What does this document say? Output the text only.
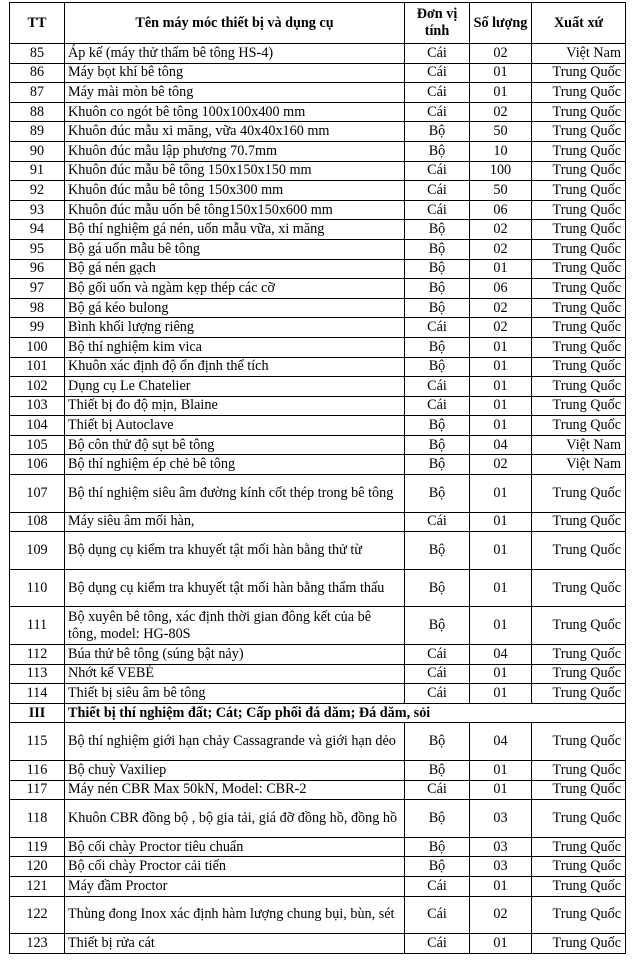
TT	Tên máy móc thiết bị và dụng cụ	Đơn vị tính	Số lượng	Xuất xứ
85	Áp kế (máy thử thấm bê tông HS-4)	Cái	02	Việt Nam
86	Máy bọt khí bê tông	Cái	01	Trung Quốc
87	Máy mài mòn bê tông	Cái	01	Trung Quốc
88	Khuôn co ngót bê tông 100x100x400 mm	Cái	02	Trung Quốc
89	Khuôn đúc mẫu xi măng, vữa 40x40x160 mm	Bộ	50	Trung Quốc
90	Khuôn đúc mẫu lập phương 70.7mm	Bộ	10	Trung Quốc
91	Khuôn đúc mẫu bê tông 150x150x150 mm	Cái	100	Trung Quốc
92	Khuôn đúc mẫu bê tông 150x300 mm	Cái	50	Trung Quốc
93	Khuôn đúc mẫu uốn bê tông150x150x600 mm	Cái	06	Trung Quốc
94	Bộ thí nghiệm gá nén, uốn mẫu vữa, xi măng	Bộ	02	Trung Quốc
95	Bộ gá uốn mẫu bê tông	Bộ	02	Trung Quốc
96	Bộ gá nén gạch	Bộ	01	Trung Quốc
97	Bộ gối uốn và ngàm kẹp thép các cỡ	Bộ	06	Trung Quốc
98	Bộ gá kéo bulong	Bộ	02	Trung Quốc
99	Bình khối lượng riêng	Cái	02	Trung Quốc
100	Bộ thí nghiệm kim vica	Bộ	01	Trung Quốc
101	Khuôn xác định độ ổn định thể tích	Bộ	01	Trung Quốc
102	Dụng cụ Le Chatelier	Cái	01	Trung Quốc
103	Thiết bị đo độ mịn, Blaine	Cái	01	Trung Quốc
104	Thiết bị Autoclave	Bộ	01	Trung Quốc
105	Bộ côn thử độ sụt bê tông	Bộ	04	Việt Nam
106	Bộ thí nghiệm ép chẻ bê tông	Bộ	02	Việt Nam
107	Bộ thí nghiệm siêu âm đường kính cốt thép trong bê tông	Bộ	01	Trung Quốc
108	Máy siêu âm mối hàn,	Cái	01	Trung Quốc
109	Bộ dụng cụ kiểm tra khuyết tật mối hàn bằng thử từ	Bộ	01	Trung Quốc
110	Bộ dụng cụ kiểm tra khuyết tật mối hàn bằng thẩm thấu	Bộ	01	Trung Quốc
111	Bộ xuyên bê tông, xác định thời gian đông kết của bê tông, model: HG-80S	Bộ	01	Trung Quốc
112	Búa thử bê tông (súng bật nảy)	Cái	04	Trung Quốc
113	Nhớt kế VEBÉ	Cái	01	Trung Quốc
114	Thiết bị siêu âm bê tông	Cái	01	Trung Quốc
III	Thiết bị thí nghiệm đất; Cát; Cấp phối đá dăm; Đá dăm, sỏi			
115	Bộ thí nghiệm giới hạn chảy Cassagrande và giới hạn dẻo	Bộ	04	Trung Quốc
116	Bộ chuỳ Vaxiliep	Bộ	01	Trung Quốc
117	Máy nén CBR Max 50kN, Model: CBR-2	Cái	01	Trung Quốc
118	Khuôn CBR đồng bộ , bộ gia tải, giá đỡ đồng hồ, đồng hồ	Bộ	03	Trung Quốc
119	Bộ cối chày Proctor tiêu chuẩn	Bộ	03	Trung Quốc
120	Bộ cối chày Proctor cải tiến	Bộ	03	Trung Quốc
121	Máy đầm Proctor	Cái	01	Trung Quốc
122	Thùng đong Inox xác định hàm lượng chung bụi, bùn, sét	Cái	02	Trung Quốc
123	Thiết bị rửa cát	Cái	01	Trung Quốc
